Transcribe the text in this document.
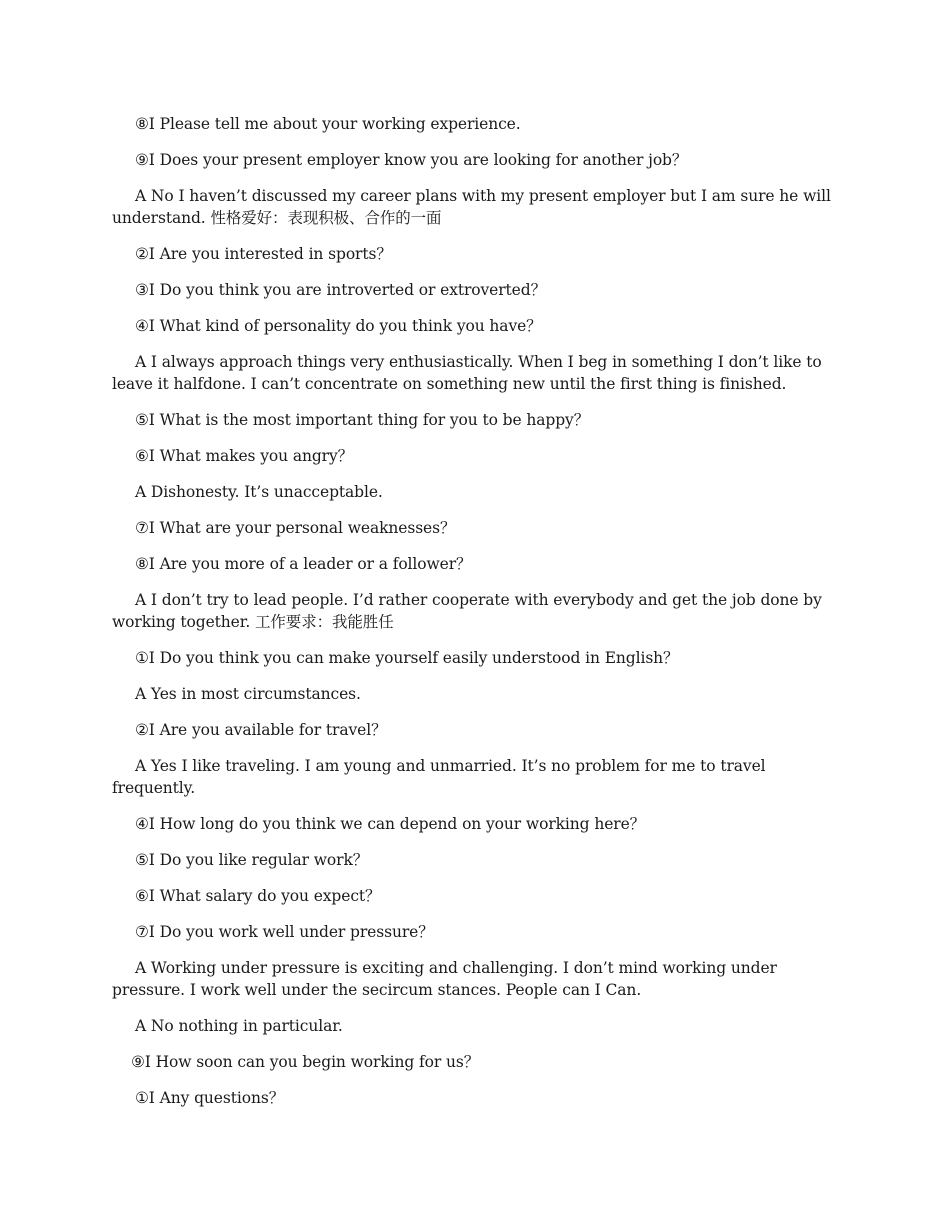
⑧I Please tell me about your working experience.

⑨I Does your present employer know you are looking for another job？

A No I haven’t discussed my career plans with my present employer but I am sure he will understand. 性格爱好：表现积极、合作的一面

②I Are you interested in sports？

③I Do you think you are introverted or extroverted？

④I What kind of personality do you think you have？

A I always approach things very enthusiastically. When I beg in something I don’t like to leave it halfdone. I can’t concentrate on something new until the first thing is finished.

⑤I What is the most important thing for you to be happy？

⑥I What makes you angry？

A Dishonesty. It’s unacceptable.

⑦I What are your personal weaknesses？

⑧I Are you more of a leader or a follower？

A I don’t try to lead people. I’d rather cooperate with everybody and get the job done by working together. 工作要求：我能胜任

①I Do you think you can make yourself easily understood in English？

A Yes in most circumstances.

②I Are you available for travel？

A Yes I like traveling. I am young and unmarried. It’s no problem for me to travel frequently.

④I How long do you think we can depend on your working here？

⑤I Do you like regular work？

⑥I What salary do you expect？

⑦I Do you work well under pressure？

A Working under pressure is exciting and challenging. I don’t mind working under pressure. I work well under the secircum stances. People can I Can.

A No nothing in particular.

⑨I How soon can you begin working for us？

①I Any questions？
